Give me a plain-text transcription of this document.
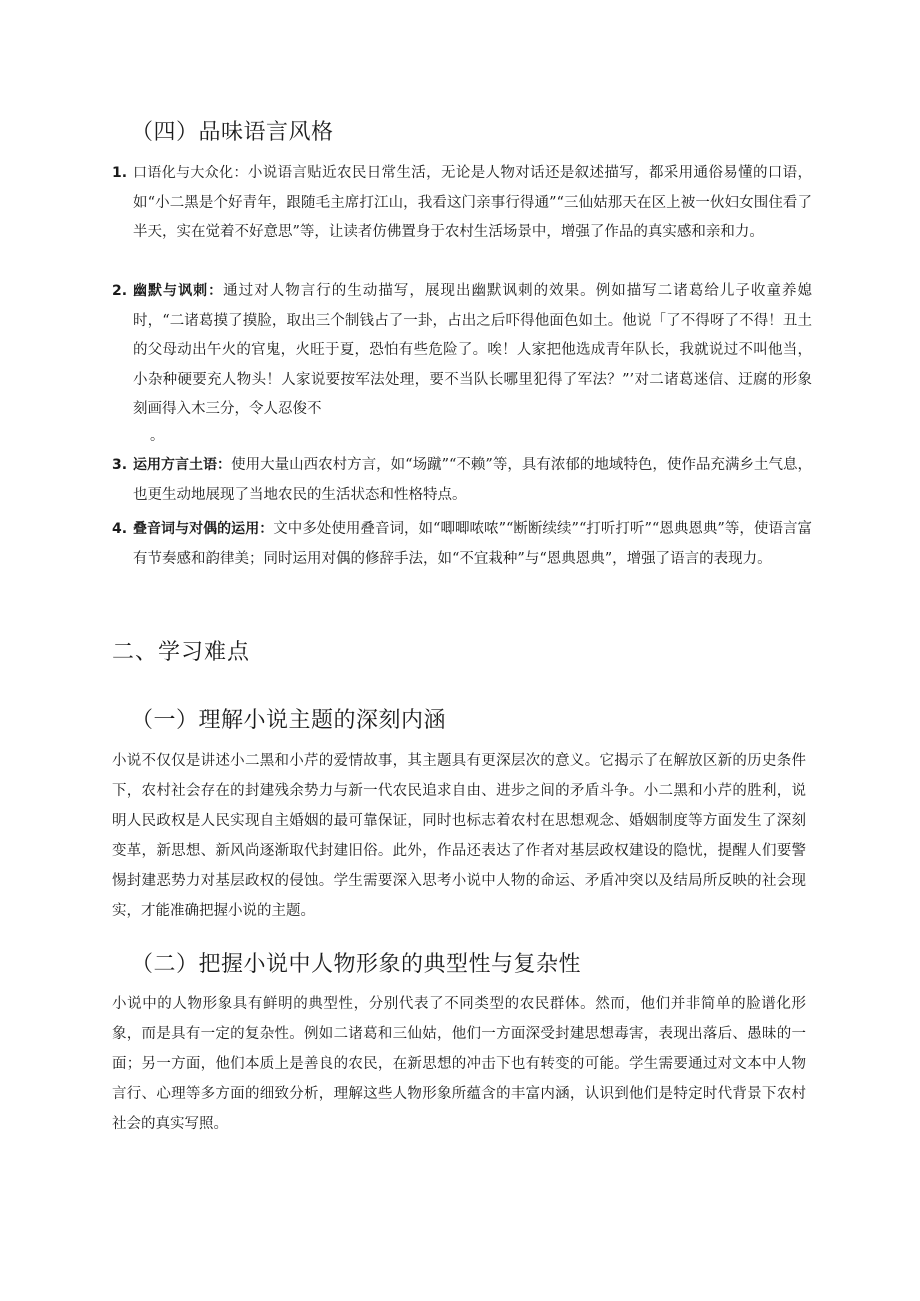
（四）品味语言风格
1. 口语化与大众化：小说语言贴近农民日常生活，无论是人物对话还是叙述描写，都采用通俗易懂的口语，如“小二黑是个好青年，跟随毛主席打江山，我看这门亲事行得通”“三仙姑那天在区上被一伙妇女围住看了半天，实在觉着不好意思”等，让读者仿佛置身于农村生活场景中，增强了作品的真实感和亲和力。
2. 幽默与讽刺：通过对人物言行的生动描写，展现出幽默讽刺的效果。例如描写二诸葛给儿子收童养媳时，“二诸葛摸了摸脸，取出三个制钱占了一卦，占出之后吓得他面色如土。他说「了不得呀了不得！丑土的父母动出午火的官鬼，火旺于夏，恐怕有些危险了。唉！人家把他选成青年队长，我就说过不叫他当，小杂种硬要充人物头！人家说要按军法处理，要不当队长哪里犯得了军法？”’对二诸葛迷信、迂腐的形象刻画得入木三分，令人忍俊不
。
3. 运用方言土语：使用大量山西农村方言，如“场蹴”“不赖”等，具有浓郁的地域特色，使作品充满乡土气息，也更生动地展现了当地农民的生活状态和性格特点。
4. 叠音词与对偶的运用：文中多处使用叠音词，如“唧唧哝哝”“断断续续”“打听打听”“恩典恩典”等，使语言富有节奏感和韵律美；同时运用对偶的修辞手法，如“不宜栽种”与“恩典恩典”，增强了语言的表现力。
二、学习难点
（一）理解小说主题的深刻内涵

小说不仅仅是讲述小二黑和小芹的爱情故事，其主题具有更深层次的意义。它揭示了在解放区新的历史条件下，农村社会存在的封建残余势力与新一代农民追求自由、进步之间的矛盾斗争。小二黑和小芹的胜利，说明人民政权是人民实现自主婚姻的最可靠保证，同时也标志着农村在思想观念、婚姻制度等方面发生了深刻变革，新思想、新风尚逐渐取代封建旧俗。此外，作品还表达了作者对基层政权建设的隐忧，提醒人们要警惕封建恶势力对基层政权的侵蚀。学生需要深入思考小说中人物的命运、矛盾冲突以及结局所反映的社会现实，才能准确把握小说的主题。

（二）把握小说中人物形象的典型性与复杂性

小说中的人物形象具有鲜明的典型性，分别代表了不同类型的农民群体。然而，他们并非简单的脸谱化形象，而是具有一定的复杂性。例如二诸葛和三仙姑，他们一方面深受封建思想毒害，表现出落后、愚昧的一面；另一方面，他们本质上是善良的农民，在新思想的冲击下也有转变的可能。学生需要通过对文本中人物言行、心理等多方面的细致分析，理解这些人物形象所蕴含的丰富内涵，认识到他们是特定时代背景下农村社会的真实写照。
